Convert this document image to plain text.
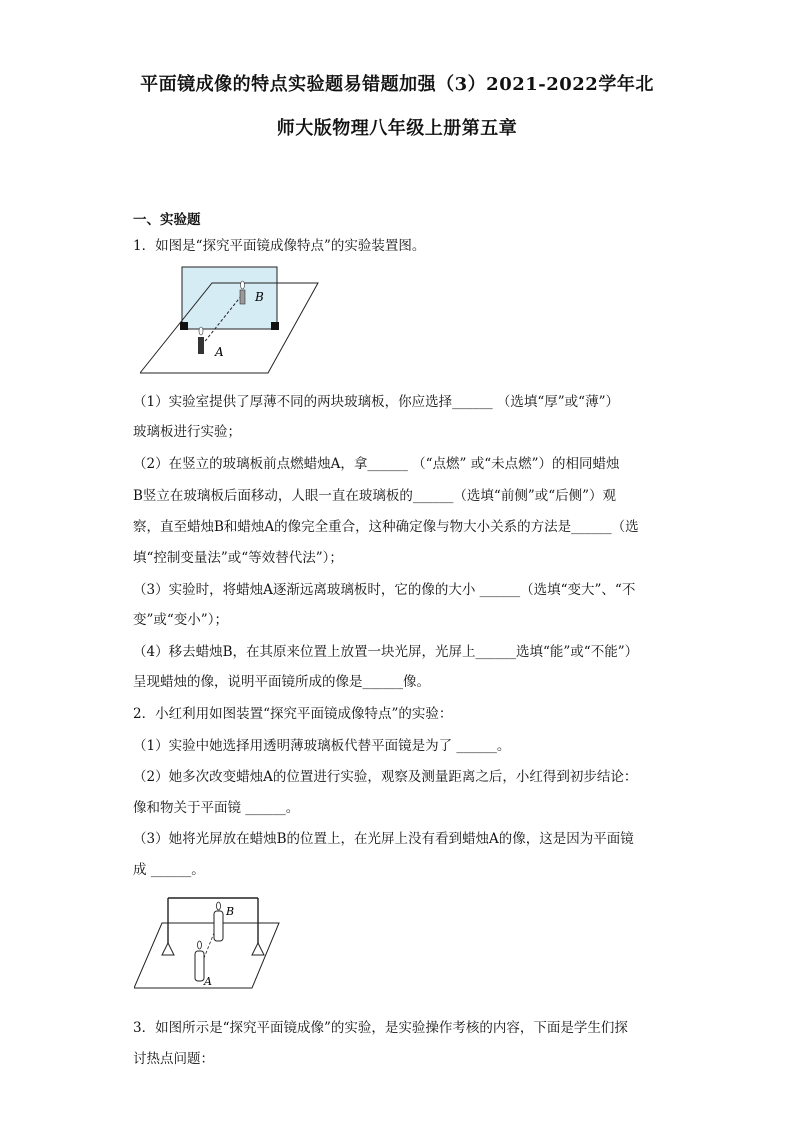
平面镜成像的特点实验题易错题加强（3）2021-2022学年北
师大版物理八年级上册第五章
一、实验题
1．如图是“探究平面镜成像特点”的实验装置图。
B
A
（1）实验室提供了厚薄不同的两块玻璃板，你应选择______ （选填“厚”或“薄”）
玻璃板进行实验；
（2）在竖立的玻璃板前点燃蜡烛A，拿______ （“点燃” 或“未点燃”）的相同蜡烛
B竖立在玻璃板后面移动，人眼一直在玻璃板的______（选填“前侧”或“后侧”）观
察，直至蜡烛B和蜡烛A的像完全重合，这种确定像与物大小关系的方法是______（选
填“控制变量法”或“等效替代法”）；
（3）实验时，将蜡烛A逐渐远离玻璃板时，它的像的大小 ______（选填“变大”、“不
变”或“变小”）；
（4）移去蜡烛B，在其原来位置上放置一块光屏，光屏上______选填“能”或“不能”）
呈现蜡烛的像，说明平面镜所成的像是______像。
2．小红利用如图装置“探究平面镜成像特点”的实验：
（1）实验中她选择用透明薄玻璃板代替平面镜是为了 ______。
（2）她多次改变蜡烛A的位置进行实验，观察及测量距离之后，小红得到初步结论：
像和物关于平面镜 ______。
（3）她将光屏放在蜡烛B的位置上，在光屏上没有看到蜡烛A的像，这是因为平面镜
成 ______。
B
A
3．如图所示是“探究平面镜成像”的实验，是实验操作考核的内容，下面是学生们探
讨热点问题：
